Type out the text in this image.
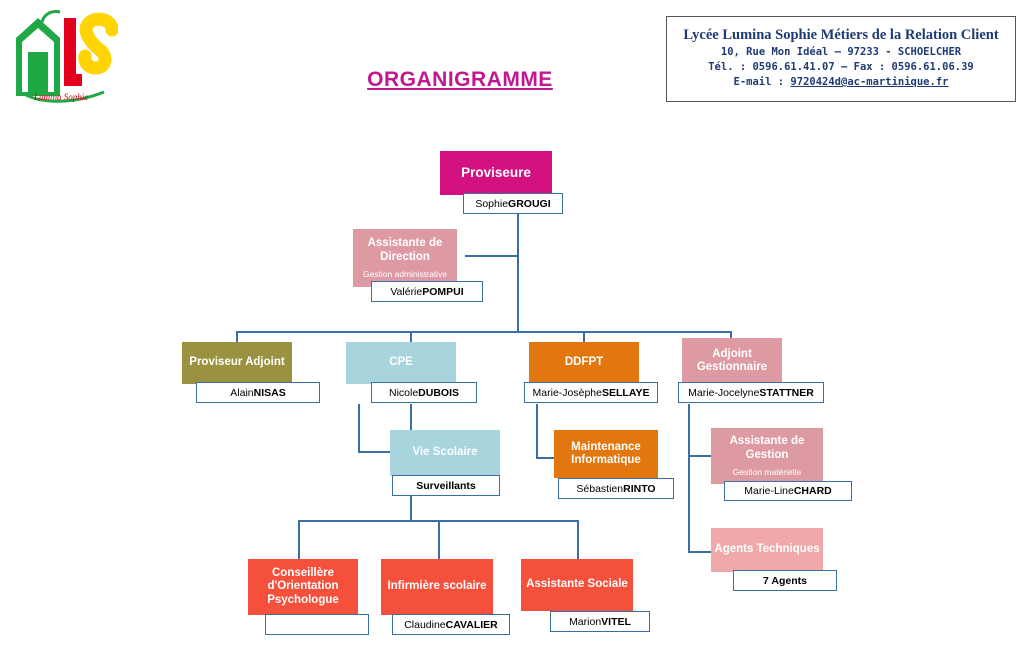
Lumina Sophie
ORGANIGRAMME
Lycée Lumina Sophie Métiers de la Relation Client
10, Rue Mon Idéal – 97233 - SCHOELCHER
Tél. : 0596.61.41.07 – Fax : 0596.61.06.39
E-mail : 9720424d@ac-martinique.fr
Proviseure
Sophie GROUGI
Assistante de Direction
Gestion administrative
Valérie POMPUI
Proviseur Adjoint
Alain NISAS
CPE
Nicole DUBOIS
DDFPT
Marie-Josèphe SELLAYE
Adjoint Gestionnaire
Marie-Jocelyne STATTNER
Vie Scolaire
Surveillants
Maintenance Informatique
Sébastien RINTO
Assistante de Gestion
Gestion matérielle
Marie-Line CHARD
Agents Techniques
7 Agents
Conseillère d'Orientation Psychologue
Infirmière scolaire
Claudine CAVALIER
Assistante Sociale
Marion VITEL
